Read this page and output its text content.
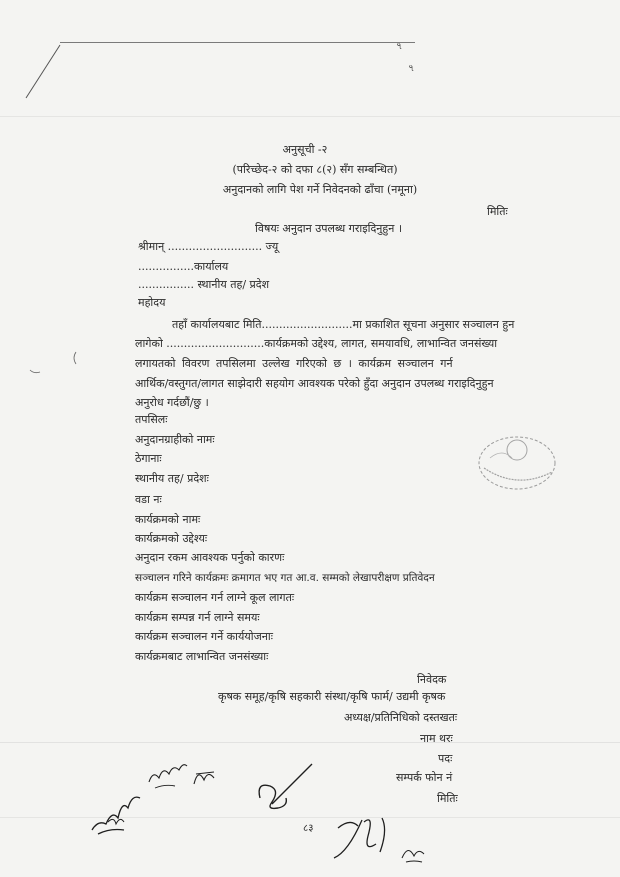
৭
৭
अनुसूची -२
(परिच्छेद-२ को दफा ८(२) सँग सम्बन्धित)
अनुदानको लागि पेश गर्ने निवेदनको ढाँचा (नमूना)
मितिः
विषयः अनुदान उपलब्ध गराइदिनुहुन ।
श्रीमान् ........................... ज्यू
................कार्यालय
................ स्थानीय तह/ प्रदेश
महोदय
तहाँ कार्यालयबाट मिति..........................मा प्रकाशित सूचना अनुसार सञ्चालन हुन
लागेको ............................कार्यक्रमको उद्देश्य, लागत, समयावधि, लाभान्वित जनसंख्या
लगायतको विवरण तपसिलमा उल्लेख गरिएको छ । कार्यक्रम सञ्चालन गर्न
आर्थिक/वस्तुगत/लागत साझेदारी सहयोग आवश्यक परेको हुँदा अनुदान उपलब्ध गराइदिनुहुन
अनुरोध गर्दछौं/छु ।
तपसिलः
अनुदानग्राहीको नामः
ठेगानाः
स्थानीय तह/ प्रदेशः
वडा नः
कार्यक्रमको नामः
कार्यक्रमको उद्देश्यः
अनुदान रकम आवश्यक पर्नुको कारणः
सञ्चालन गरिने कार्यक्रमः क्रमागत भए गत आ.व. सम्मको लेखापरीक्षण प्रतिवेदन
कार्यक्रम सञ्चालन गर्न लाग्ने कूल लागतः
कार्यक्रम सम्पन्न गर्न लाग्ने समयः
कार्यक्रम सञ्चालन गर्ने कार्ययोजनाः
कार्यक्रमबाट लाभान्वित जनसंख्याः
निवेदक
कृषक समूह/कृषि सहकारी संस्था/कृषि फार्म/ उद्यमी कृषक
अध्यक्ष/प्रतिनिधिको दस्तखतः
नाम थरः
पदः
सम्पर्क फोन नं
मितिः
८३
